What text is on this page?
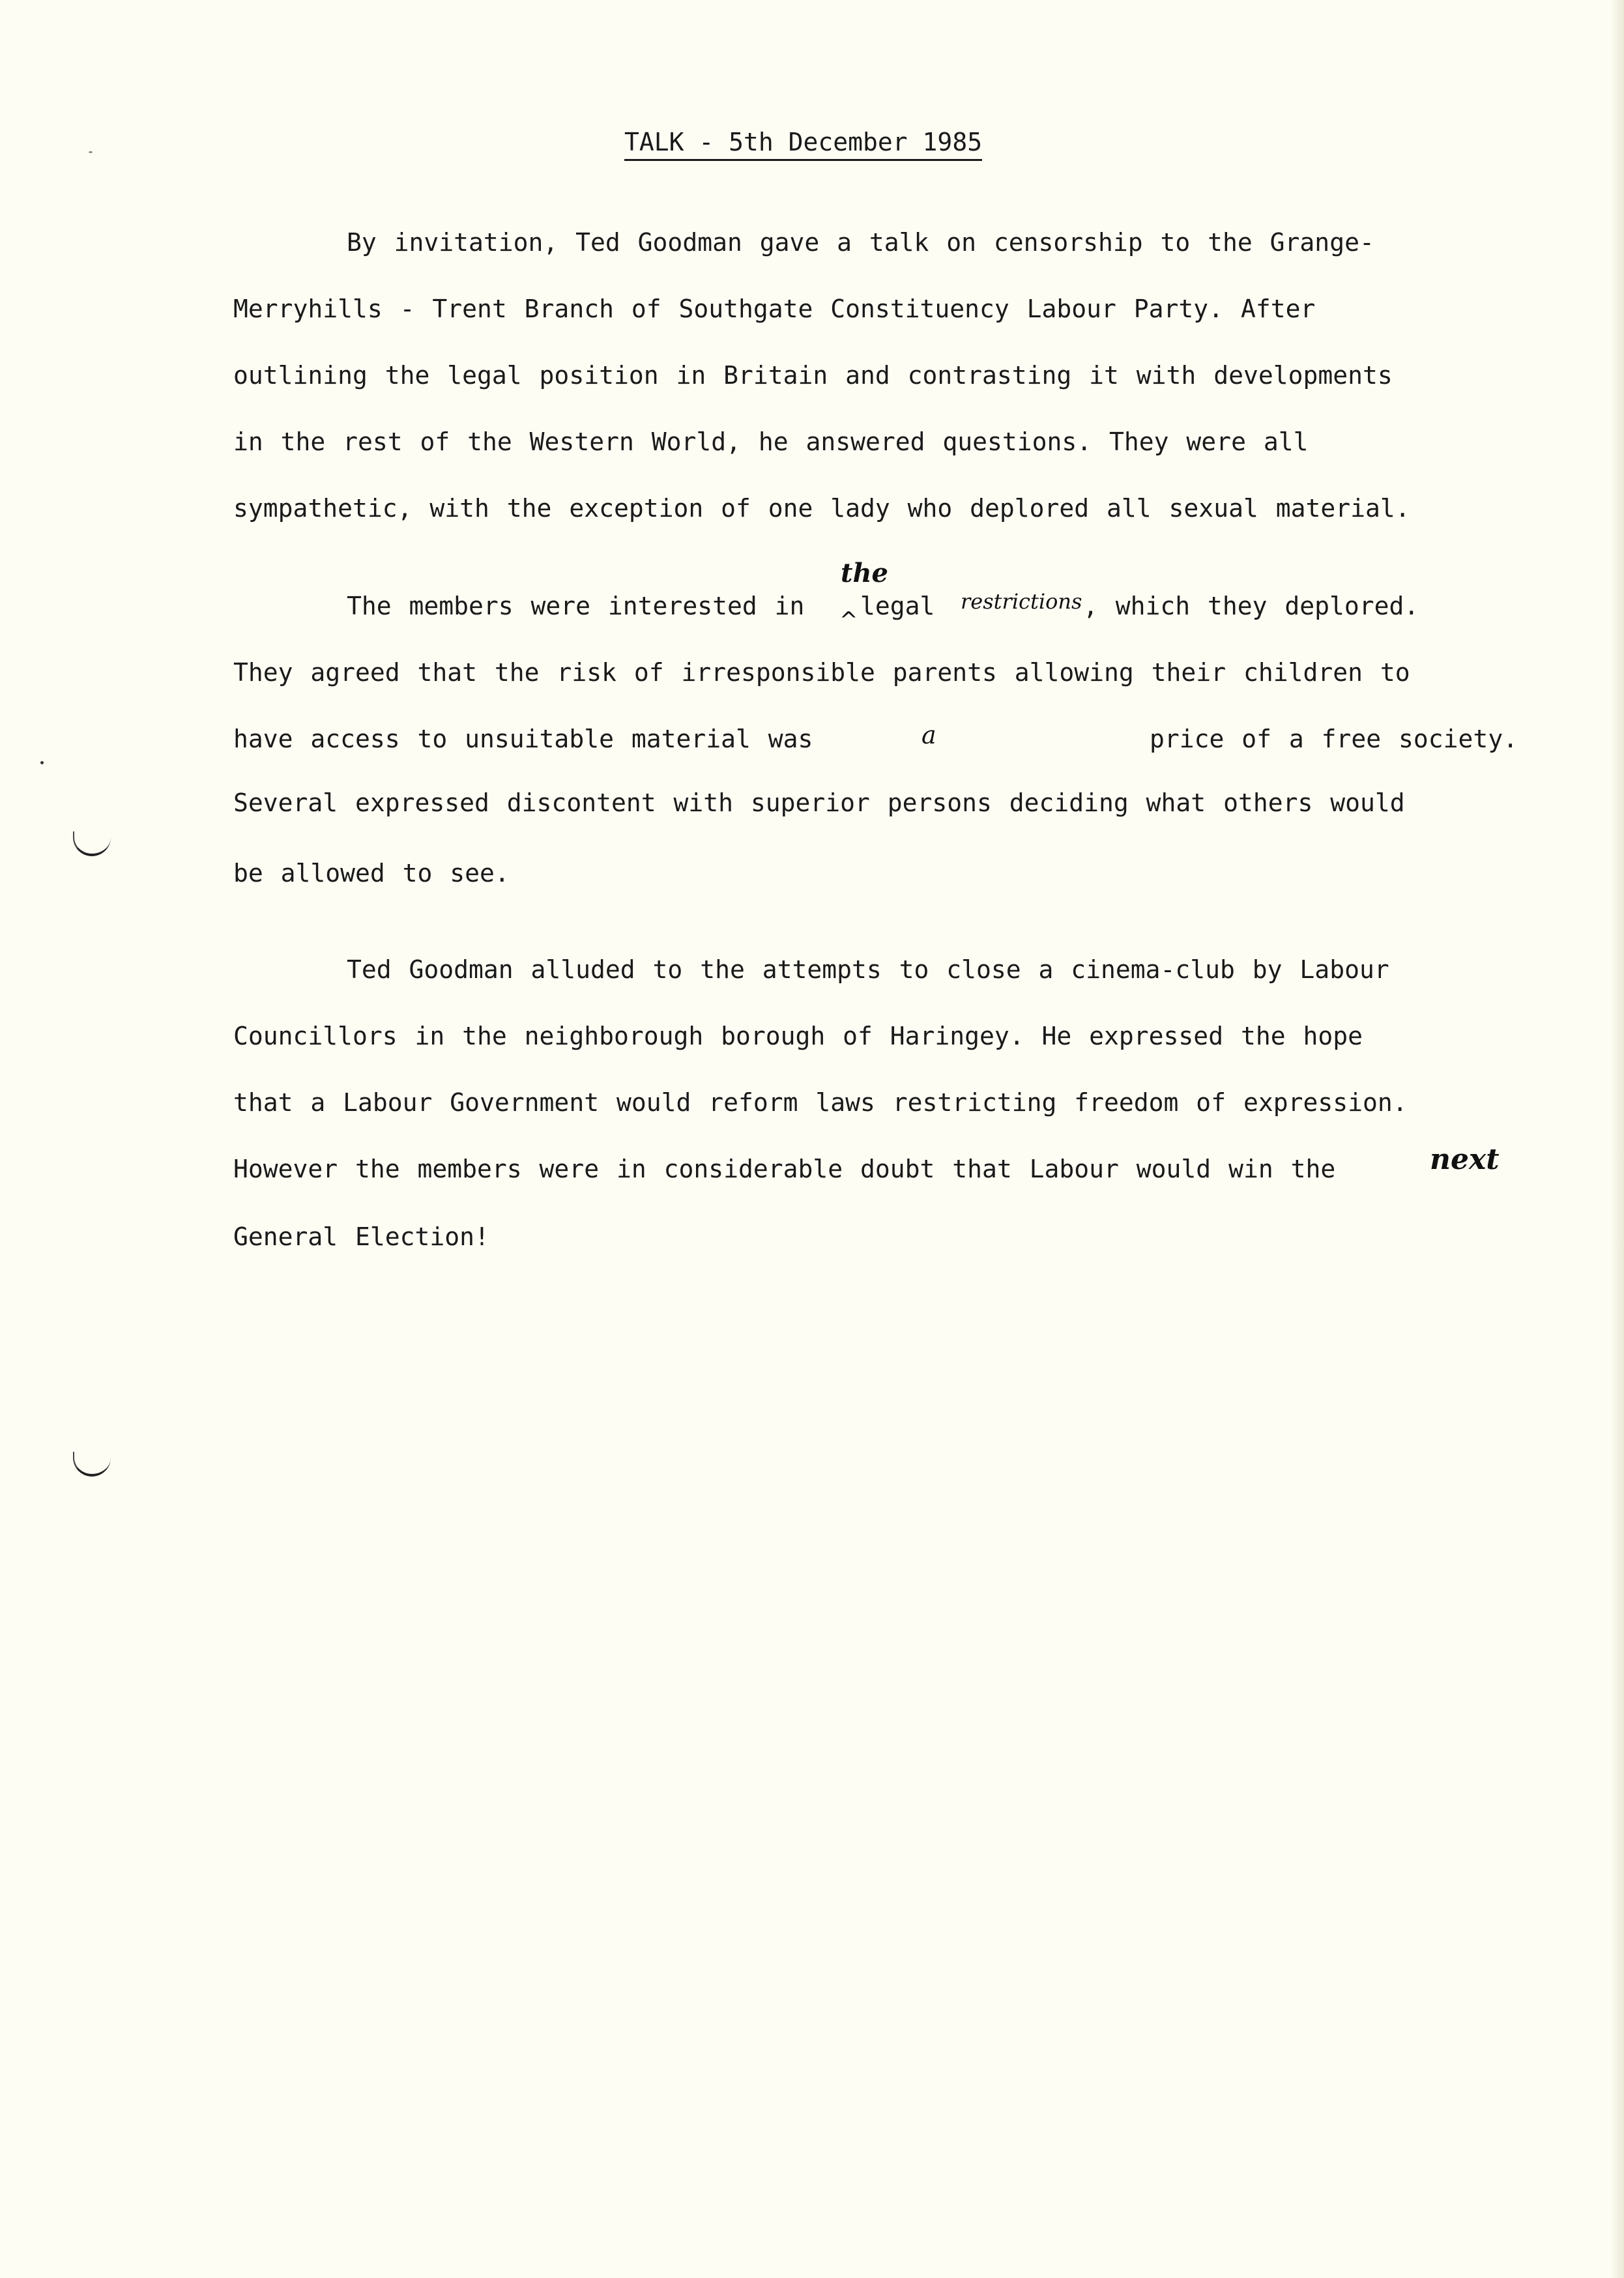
TALK - 5th December 1985
By invitation, Ted Goodman gave a talk on censorship to the Grange-
Merryhills - Trent Branch of Southgate Constituency Labour Party. After
outlining the legal position in Britain and contrasting it with developments
in the rest of the Western World, he answered questions. They were all
sympathetic, with the exception of one lady who deplored all sexual material.
the
The members were interested in ^ legal restrictions , which they deplored.
They agreed that the risk of irresponsible parents allowing their children to
have access to unsuitable material was	a	price of a free society.
Several expressed discontent with superior persons deciding what others would
be allowed to see.
Ted Goodman alluded to the attempts to close a cinema-club by Labour
Councillors in the neighborough borough of Haringey. He expressed the hope
that a Labour Government would reform laws restricting freedom of expression.
However the members were in considerable doubt that Labour would win the	next
General Election!
